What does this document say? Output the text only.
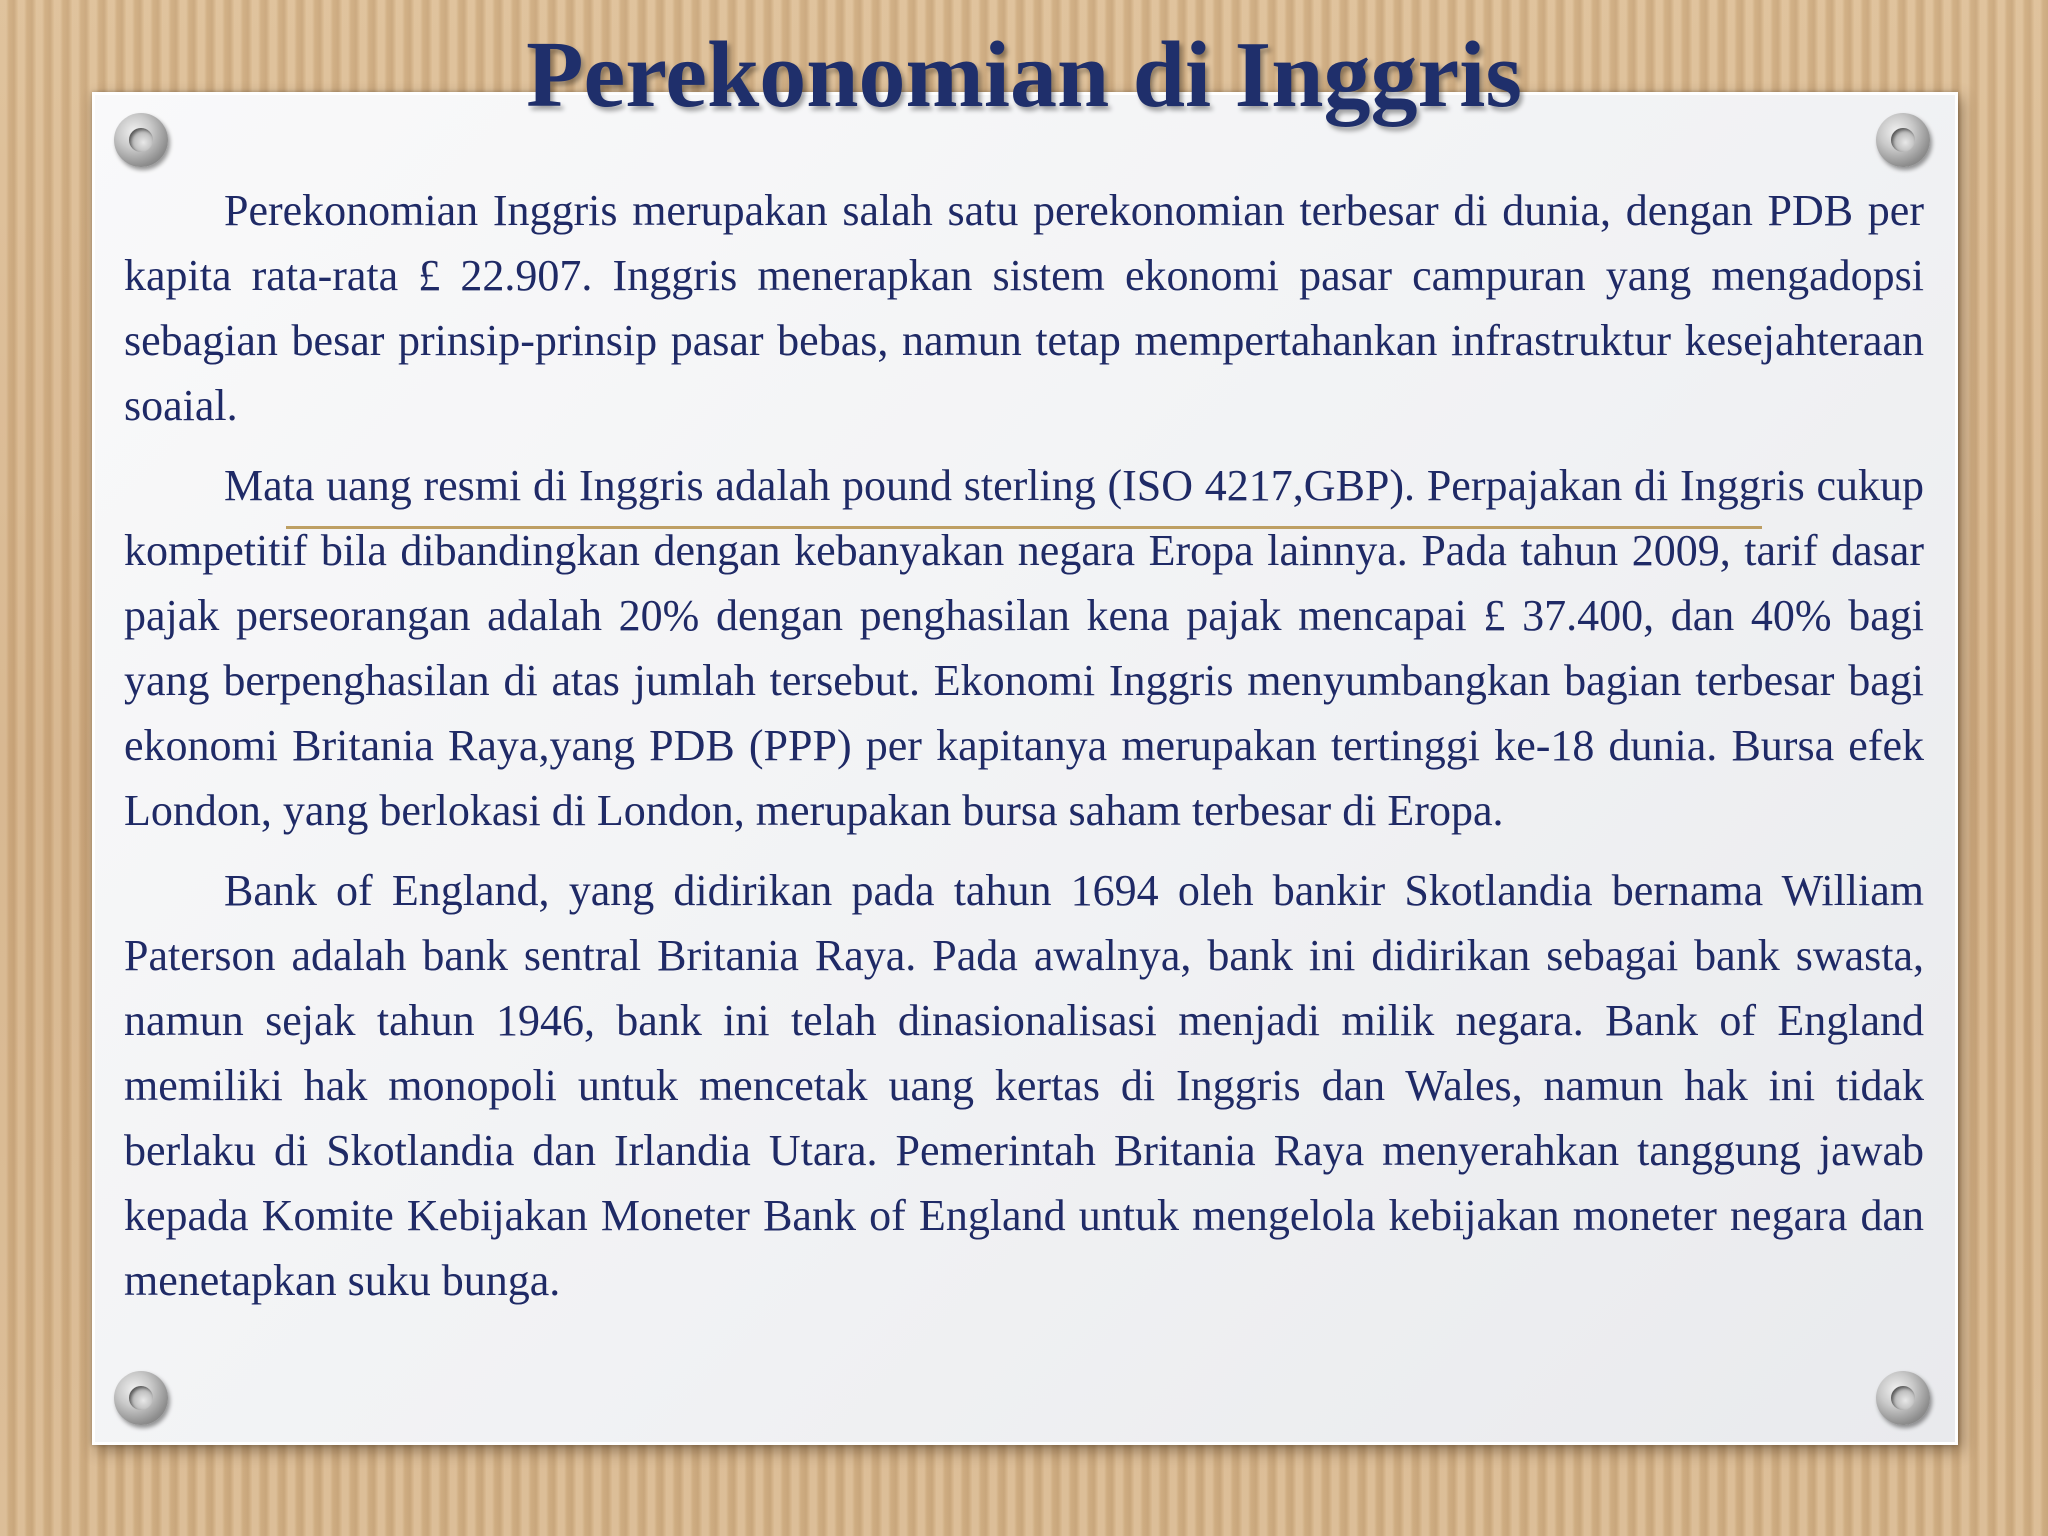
Perekonomian di Inggris

Perekonomian Inggris merupakan salah satu perekonomian terbesar di dunia, dengan PDB per kapita rata-rata £ 22.907. Inggris menerapkan sistem ekonomi pasar campuran yang mengadopsi sebagian besar prinsip-prinsip pasar bebas, namun tetap mempertahankan infrastruktur kesejahteraan soaial.

Mata uang resmi di Inggris adalah pound sterling (ISO 4217,GBP). Perpajakan di Inggris cukup kompetitif bila dibandingkan dengan kebanyakan negara Eropa lainnya. Pada tahun 2009, tarif dasar pajak perseorangan adalah 20% dengan penghasilan kena pajak mencapai £ 37.400, dan 40% bagi yang berpenghasilan di atas jumlah tersebut. Ekonomi Inggris menyumbangkan bagian terbesar bagi ekonomi Britania Raya,yang PDB (PPP) per kapitanya merupakan tertinggi ke-18 dunia. Bursa efek London, yang berlokasi di London, merupakan bursa saham terbesar di Eropa.

Bank of England, yang didirikan pada tahun 1694 oleh bankir Skotlandia bernama William Paterson adalah bank sentral Britania Raya. Pada awalnya, bank ini didirikan sebagai bank swasta, namun sejak tahun 1946, bank ini telah dinasionalisasi menjadi milik negara. Bank of England memiliki hak monopoli untuk mencetak uang kertas di Inggris dan Wales, namun hak ini tidak berlaku di Skotlandia dan Irlandia Utara. Pemerintah Britania Raya menyerahkan tanggung jawab kepada Komite Kebijakan Moneter Bank of England untuk mengelola kebijakan moneter negara dan menetapkan suku bunga.
